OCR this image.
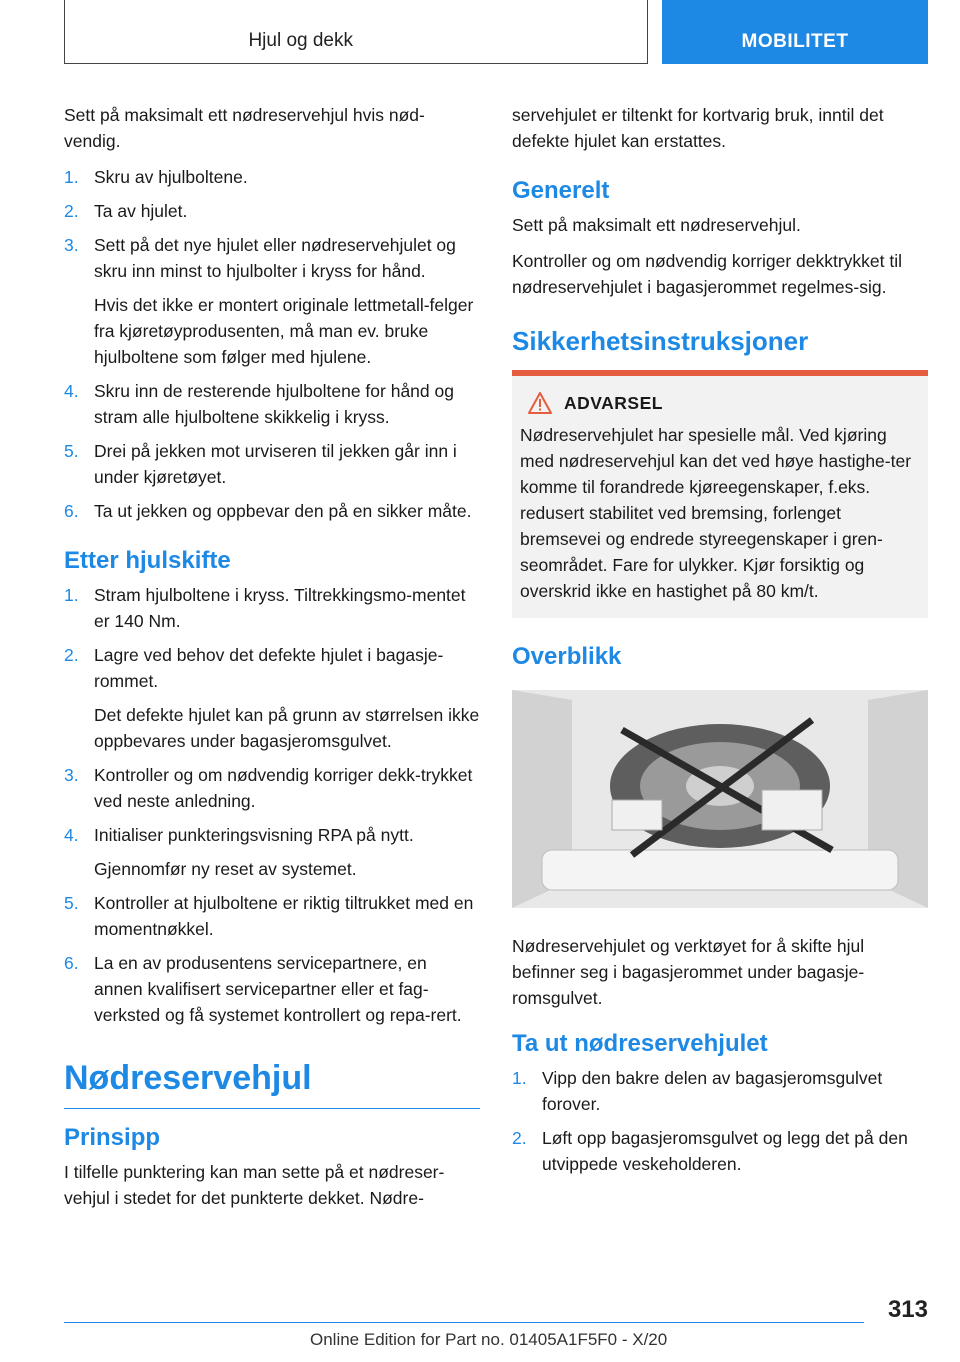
Hjul og dekk	MOBILITET

Sett på maksimalt ett nødreservehjul hvis nød-vendig.

1. Skru av hjulboltene.
2. Ta av hjulet.
3. Sett på det nye hjulet eller nødreservehjulet og skru inn minst to hjulbolter i kryss for hånd.
Hvis det ikke er montert originale lettmetall-felger fra kjøretøyprodusenten, må man ev. bruke hjulboltene som følger med hjulene.
4. Skru inn de resterende hjulboltene for hånd og stram alle hjulboltene skikkelig i kryss.
5. Drei på jekken mot urviseren til jekken går inn i under kjøretøyet.
6. Ta ut jekken og oppbevar den på en sikker måte.
Etter hjulskifte
1. Stram hjulboltene i kryss. Tiltrekkingsmo-mentet er 140 Nm.
2. Lagre ved behov det defekte hjulet i bagasje-rommet.
Det defekte hjulet kan på grunn av størrelsen ikke oppbevares under bagasjeromsgulvet.
3. Kontroller og om nødvendig korriger dekk-trykket ved neste anledning.
4. Initialiser punkteringsvisning RPA på nytt.
Gjennomfør ny reset av systemet.
5. Kontroller at hjulboltene er riktig tiltrukket med en momentnøkkel.
6. La en av produsentens servicepartnere, en annen kvalifisert servicepartner eller et fag-verksted og få systemet kontrollert og repa-rert.
Nødreservehjul
Prinsipp

I tilfelle punktering kan man sette på et nødreser-vehjul i stedet for det punkterte dekket. Nødre-

servehjulet er tiltenkt for kortvarig bruk, inntil det defekte hjulet kan erstattes.

Generelt

Sett på maksimalt ett nødreservehjul.

Kontroller og om nødvendig korriger dekktrykket til nødreservehjulet i bagasjerommet regelmes-sig.

Sikkerhetsinstruksjoner
ADVARSEL
Nødreservehjulet har spesielle mål. Ved kjøring med nødreservehjul kan det ved høye hastighe-ter komme til forandrede kjøreegenskaper, f.eks. redusert stabilitet ved bremsing, forlenget bremsevei og endrede styreegenskaper i gren-seområdet. Fare for ulykker. Kjør forsiktig og overskrid ikke en hastighet på 80 km/t.
Overblikk

Nødreservehjulet og verktøyet for å skifte hjul befinner seg i bagasjerommet under bagasje-romsgulvet.

Ta ut nødreservehjulet
1. Vipp den bakre delen av bagasjeromsgulvet forover.
2. Løft opp bagasjeromsgulvet og legg det på den utvippede veskeholderen.
313
Online Edition for Part no. 01405A1F5F0 - X/20
